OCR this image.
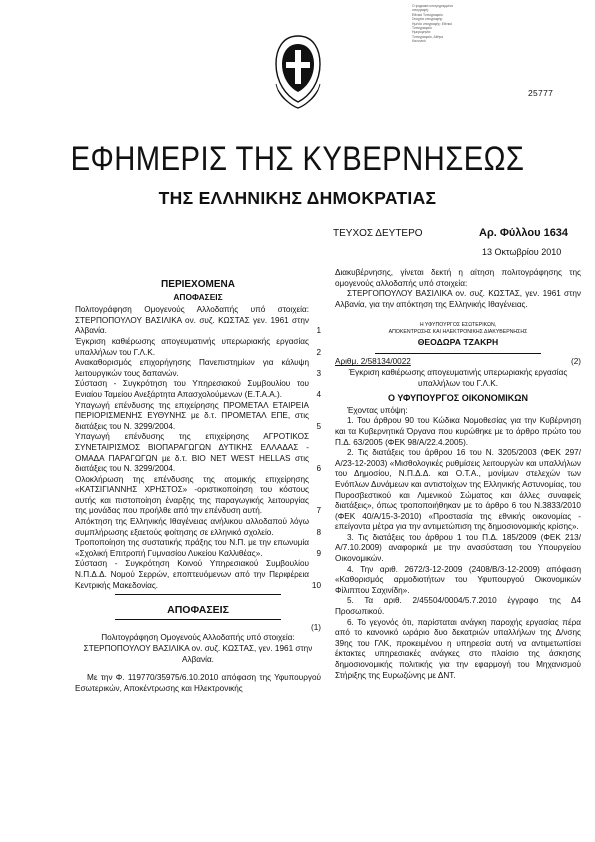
Ο ψηφιακά υπογεγραμμένο
υπογραφή:
Εθνικό Τυπογραφείο
Στοιχεία υπογραφής:
Ημ/νία υπογραφής: Εθνικό
Τυπογραφείο
Ημερομηνία:
Τυπογραφείο, Αθήνα
Κανονικό
25777
ΕΦΗΜΕΡΙΣ ΤΗΣ ΚΥΒΕΡΝΗΣΕΩΣ
ΤΗΣ ΕΛΛΗΝΙΚΗΣ ΔΗΜΟΚΡΑΤΙΑΣ
ΤΕΥΧΟΣ ΔΕΥΤΕΡΟ	Αρ. Φύλλου 1634
13 Οκτωβρίου 2010
ΠΕΡΙΕΧΟΜΕΝΑ
ΑΠΟΦΑΣΕΙΣ
Πολιτογράφηση Ομογενούς Αλλοδαπής υπό στοιχεία: ΣΤΕΡΠΟΠΟΥΛΟΥ ΒΑΣΙΛΙΚΑ ον. συζ. ΚΩΣΤΑΣ γεν. 1961 στην Αλβανία.	1
Έγκριση καθιέρωσης απογευματινής υπερωριακής εργασίας υπαλλήλων του Γ.Λ.Κ.	2
Ανακαθορισμός επιχορήγησης Πανεπιστημίων για κάλυψη λειτουργικών τους δαπανών.	3
Σύσταση - Συγκρότηση του Υπηρεσιακού Συμβουλίου του Ενιαίου Ταμείου Ανεξάρτητα Απασχολούμενων (Ε.Τ.Α.Α.).	4
Υπαγωγή επένδυσης της επιχείρησης ΠΡΟΜΕΤΑΛ ΕΤΑΙΡΕΙΑ ΠΕΡΙΟΡΙΣΜΕΝΗΣ ΕΥΘΥΝΗΣ με δ.τ. ΠΡΟΜΕΤΑΛ ΕΠΕ, στις διατάξεις του Ν. 3299/2004.	5
Υπαγωγή επένδυσης της επιχείρησης ΑΓΡΟΤΙΚΟΣ ΣΥΝΕΤΑΙΡΙΣΜΟΣ ΒΙΟΠΑΡΑΓΩΓΩΝ ΔΥΤΙΚΗΣ ΕΛΛΑΔΑΣ - ΟΜΑΔΑ ΠΑΡΑΓΩΓΩΝ με δ.τ. ΒΙΟ ΝΕΤ WEST HELLAS στις διατάξεις του Ν. 3299/2004.	6
Ολοκλήρωση της επένδυσης της ατομικής επιχείρησης «ΚΑΤΣΙΓΙΑΝΝΗΣ ΧΡΗΣΤΟΣ» -οριστικοποίηση του κόστους αυτής και πιστοποίηση έναρξης της παραγωγικής λειτουργίας της μονάδας που προήλθε από την επένδυση αυτή.	7
Απόκτηση της Ελληνικής Ιθαγένειας ανήλικου αλλοδαπού λόγω συμπλήρωσης εξαετούς φοίτησης σε ελληνικό σχολείο.	8
Τροποποίηση της συστατικής πράξης του Ν.Π. με την επωνυμία «Σχολική Επιτροπή Γυμνασίου Λυκείου Καλλιθέας».	9
Σύσταση - Συγκρότηση Κοινού Υπηρεσιακού Συμβουλίου Ν.Π.Δ.Δ. Νομού Σερρών, εποπτευόμενων από την Περιφέρεια Κεντρικής Μακεδονίας.	10
ΑΠΟΦΑΣΕΙΣ

(1)

Πολιτογράφηση Ομογενούς Αλλοδαπής υπό στοιχεία: ΣΤΕΡΠΟΠΟΥΛΟΥ ΒΑΣΙΛΙΚΑ ον. συζ. ΚΩΣΤΑΣ, γεν. 1961 στην Αλβανία.

Με την Φ. 119770/35975/6.10.2010 απόφαση της Υφυπουργού Εσωτερικών, Αποκέντρωσης και Ηλεκτρονικής

Διακυβέρνησης, γίνεται δεκτή η αίτηση πολιτογράφησης της ομογενούς αλλοδαπής υπό στοιχεία:

ΣΤΕΡΓΟΠΟΥΛΟΥ ΒΑΣΙΛΙΚΑ ον. συζ. ΚΩΣΤΑΣ, γεν. 1961 στην Αλβανία, για την απόκτηση της Ελληνικής Ιθαγένειας.

Η ΥΦΥΠΟΥΡΓΟΣ ΕΣΩΤΕΡΙΚΩΝ,
ΑΠΟΚΕΝΤΡΩΣΗΣ ΚΑΙ ΗΛΕΚΤΡΟΝΙΚΗΣ ΔΙΑΚΥΒΕΡΝΗΣΗΣ
ΘΕΟΔΩΡΑ ΤΖΑΚΡΗ
Αριθμ. 2/58134/0022	(2)

Έγκριση καθιέρωσης απογευματινής υπερωριακής εργασίας υπαλλήλων του Γ.Λ.Κ.

Ο ΥΦΥΠΟΥΡΓΟΣ ΟΙΚΟΝΟΜΙΚΩΝ

Έχοντας υπόψη:

1. Του άρθρου 90 του Κώδικα Νομοθεσίας για την Κυβέρνηση και τα Κυβερνητικά Όργανα που κυρώθηκε με το άρθρο πρώτο του Π.Δ. 63/2005 (ΦΕΚ 98/Α/22.4.2005).

2. Τις διατάξεις του άρθρου 16 του Ν. 3205/2003 (ΦΕΚ 297/Α/23-12-2003) «Μισθολογικές ρυθμίσεις λειτουργών και υπαλλήλων του Δημοσίου, Ν.Π.Δ.Δ. και Ο.Τ.Α., μονίμων στελεχών των Ενόπλων Δυνάμεων και αντιστοίχων της Ελληνικής Αστυνομίας, του Πυροσβεστικού και Λιμενικού Σώματος και άλλες συναφείς διατάξεις», όπως τροποποιήθηκαν με το άρθρο 6 του Ν.3833/2010 (ΦΕΚ 40/Α/15-3-2010) «Προστασία της εθνικής οικονομίας - επείγοντα μέτρα για την αντιμετώπιση της δημοσιονομικής κρίσης».

3. Τις διατάξεις του άρθρου 1 του Π.Δ. 185/2009 (ΦΕΚ 213/Α/7.10.2009) αναφορικά με την ανασύσταση του Υπουργείου Οικονομικών.

4. Την αριθ. 2672/3-12-2009 (2408/Β/3-12-2009) απόφαση «Καθορισμός αρμοδιοτήτων του Υφυπουργού Οικονομικών Φίλιππου Σαχινίδη».

5. Τα αριθ. 2/45504/0004/5.7.2010 έγγραφο της Δ4 Προσωπικού.

6. Το γεγονός ότι, παρίσταται ανάγκη παροχής εργασίας πέρα από το κανονικό ωράριο δυο δεκατριών υπαλλήλων της Δ/νσης 39ης του ΓΛΚ, προκειμένου η υπηρεσία αυτή να αντιμετωπίσει έκτακτες υπηρεσιακές ανάγκες στο πλαίσιο της άσκησης δημοσιονομικής πολιτικής για την εφαρμογή του Μηχανισμού Στήριξης της Ευρωζώνης με ΔΝΤ.
